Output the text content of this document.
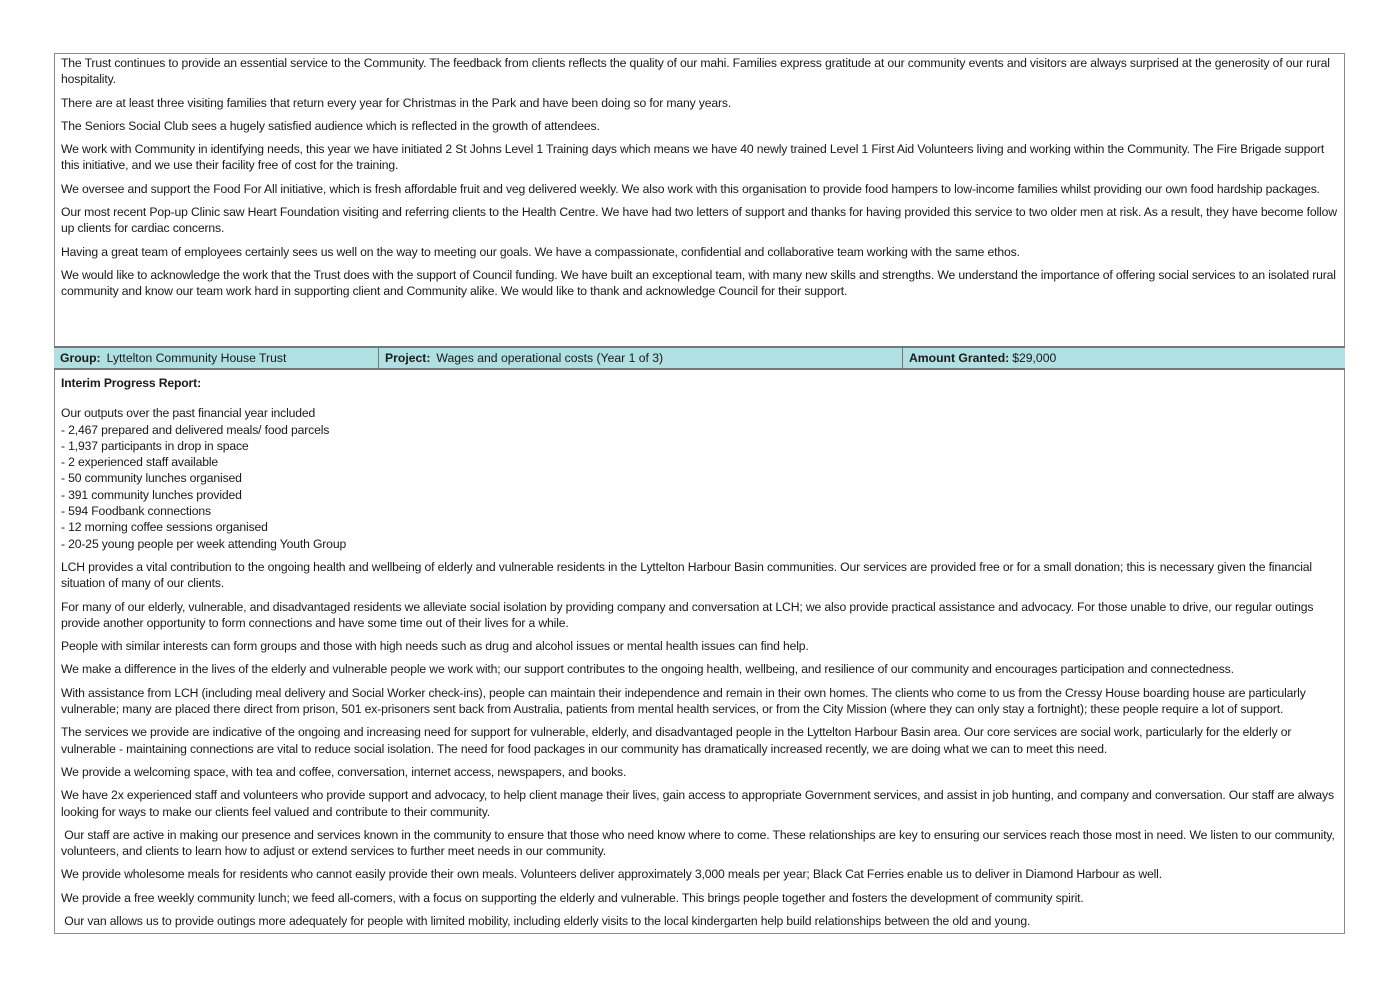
The Trust continues to provide an essential service to the Community. The feedback from clients reflects the quality of our mahi. Families express gratitude at our community events and visitors are always surprised at the generosity of our rural hospitality.

There are at least three visiting families that return every year for Christmas in the Park and have been doing so for many years.

The Seniors Social Club sees a hugely satisfied audience which is reflected in the growth of attendees.

We work with Community in identifying needs, this year we have initiated 2 St Johns Level 1 Training days which means we have 40 newly trained Level 1 First Aid Volunteers living and working within the Community. The Fire Brigade support this initiative, and we use their facility free of cost for the training.

We oversee and support the Food For All initiative, which is fresh affordable fruit and veg delivered weekly. We also work with this organisation to provide food hampers to low-income families whilst providing our own food hardship packages.

Our most recent Pop-up Clinic saw Heart Foundation visiting and referring clients to the Health Centre. We have had two letters of support and thanks for having provided this service to two older men at risk. As a result, they have become follow up clients for cardiac concerns.

Having a great team of employees certainly sees us well on the way to meeting our goals. We have a compassionate, confidential and collaborative team working with the same ethos.

We would like to acknowledge the work that the Trust does with the support of Council funding. We have built an exceptional team, with many new skills and strengths. We understand the importance of offering social services to an isolated rural community and know our team work hard in supporting client and Community alike. We would like to thank and acknowledge Council for their support.

Group: Lyttelton Community House Trust	Project: Wages and operational costs (Year 1 of 3)	Amount Granted: $29,000
Interim Progress Report:
Our outputs over the past financial year included
- 2,467 prepared and delivered meals/ food parcels
- 1,937 participants in drop in space
- 2 experienced staff available
- 50 community lunches organised
- 391 community lunches provided
- 594 Foodbank connections
- 12 morning coffee sessions organised
- 20-25 young people per week attending Youth Group

LCH provides a vital contribution to the ongoing health and wellbeing of elderly and vulnerable residents in the Lyttelton Harbour Basin communities. Our services are provided free or for a small donation; this is necessary given the financial situation of many of our clients.

For many of our elderly, vulnerable, and disadvantaged residents we alleviate social isolation by providing company and conversation at LCH; we also provide practical assistance and advocacy. For those unable to drive, our regular outings provide another opportunity to form connections and have some time out of their lives for a while.

People with similar interests can form groups and those with high needs such as drug and alcohol issues or mental health issues can find help.

We make a difference in the lives of the elderly and vulnerable people we work with; our support contributes to the ongoing health, wellbeing, and resilience of our community and encourages participation and connectedness.

With assistance from LCH (including meal delivery and Social Worker check-ins), people can maintain their independence and remain in their own homes. The clients who come to us from the Cressy House boarding house are particularly vulnerable; many are placed there direct from prison, 501 ex-prisoners sent back from Australia, patients from mental health services, or from the City Mission (where they can only stay a fortnight); these people require a lot of support.

The services we provide are indicative of the ongoing and increasing need for support for vulnerable, elderly, and disadvantaged people in the Lyttelton Harbour Basin area. Our core services are social work, particularly for the elderly or vulnerable - maintaining connections are vital to reduce social isolation. The need for food packages in our community has dramatically increased recently, we are doing what we can to meet this need.

We provide a welcoming space, with tea and coffee, conversation, internet access, newspapers, and books.

We have 2x experienced staff and volunteers who provide support and advocacy, to help client manage their lives, gain access to appropriate Government services, and assist in job hunting, and company and conversation. Our staff are always looking for ways to make our clients feel valued and contribute to their community.

Our staff are active in making our presence and services known in the community to ensure that those who need know where to come. These relationships are key to ensuring our services reach those most in need. We listen to our community, volunteers, and clients to learn how to adjust or extend services to further meet needs in our community.

We provide wholesome meals for residents who cannot easily provide their own meals. Volunteers deliver approximately 3,000 meals per year; Black Cat Ferries enable us to deliver in Diamond Harbour as well.

We provide a free weekly community lunch; we feed all-comers, with a focus on supporting the elderly and vulnerable. This brings people together and fosters the development of community spirit.

Our van allows us to provide outings more adequately for people with limited mobility, including elderly visits to the local kindergarten help build relationships between the old and young.
